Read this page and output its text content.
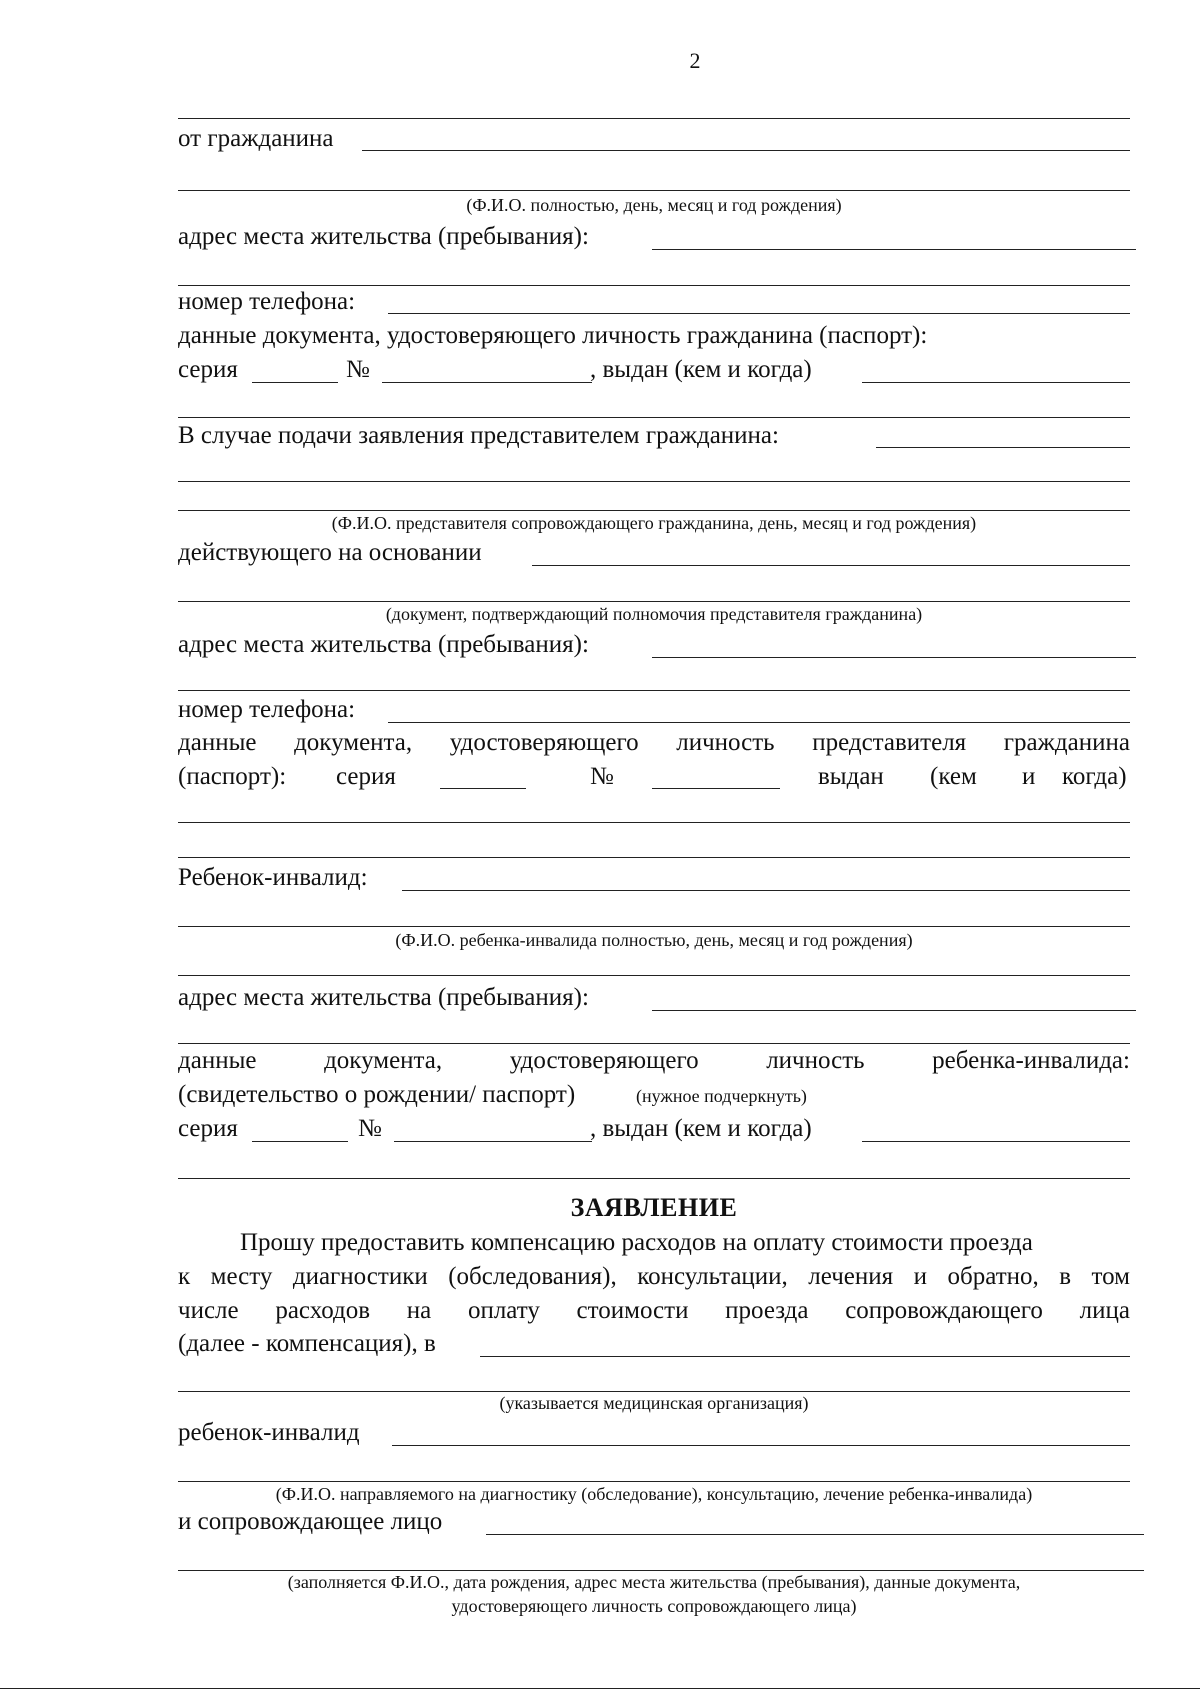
2
от гражданина
(Ф.И.О. полностью, день, месяц и год рождения)
адрес места жительства (пребывания):
номер телефона:
данные документа, удостоверяющего личность гражданина (паспорт):
серия	№	, выдан (кем и когда)
В случае подачи заявления представителем гражданина:
(Ф.И.О. представителя сопровождающего гражданина, день, месяц и год рождения)
действующего на основании
(документ, подтверждающий полномочия представителя гражданина)
адрес места жительства (пребывания):
номер телефона:
данные документа, удостоверяющего личность представителя гражданина
(паспорт): серия	№	выдан (кем и когда)
Ребенок-инвалид:
(Ф.И.О. ребенка-инвалида полностью, день, месяц и год рождения)
адрес места жительства (пребывания):
данные	документа,	удостоверяющего	личность	ребенка-инвалида:
(свидетельство о рождении/ паспорт)	(нужное подчеркнуть)
серия	№	, выдан (кем и когда)
ЗАЯВЛЕНИЕ
Прошу предоставить компенсацию расходов на оплату стоимости проезда
к месту диагностики (обследования), консультации, лечения и обратно, в том
числе расходов на оплату стоимости проезда сопровождающего лица
(далее - компенсация), в
(указывается медицинская организация)
ребенок-инвалид
(Ф.И.О. направляемого на диагностику (обследование), консультацию, лечение ребенка-инвалида)
и сопровождающее лицо
(заполняется Ф.И.О., дата рождения, адрес места жительства (пребывания), данные документа,
удостоверяющего личность сопровождающего лица)
